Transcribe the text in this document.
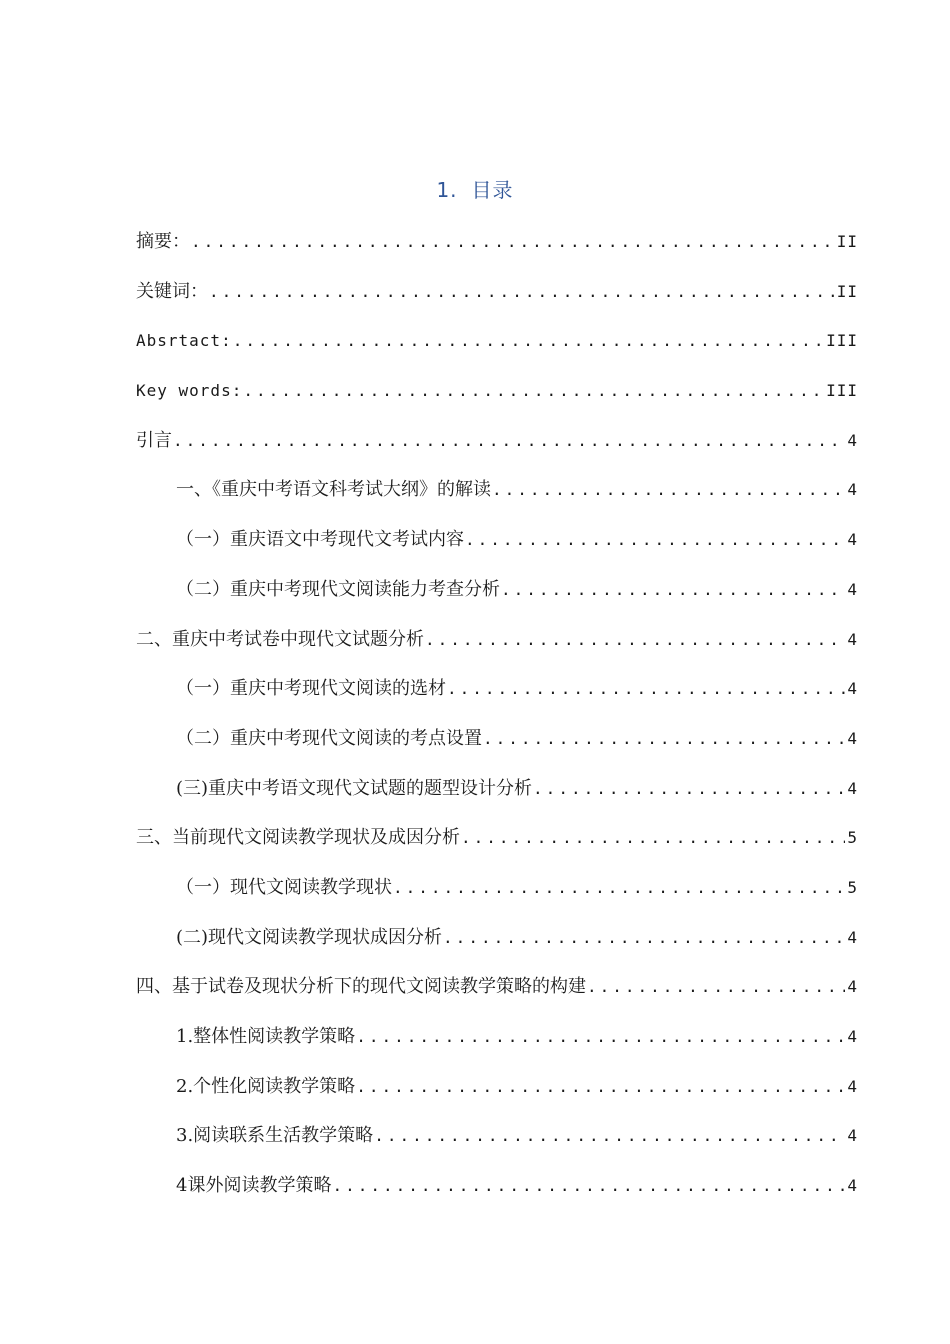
1. 目录
摘要： .....	II
关键词： .....	II
Absrtact: .....	III
Key words: .....	III
引言 .....	4
一、《重庆中考语文科考试大纲》的解读 .....	4
（一）重庆语文中考现代文考试内容 .....	4
（二）重庆中考现代文阅读能力考查分析 .....	4
二、重庆中考试卷中现代文试题分析 .....	4
（一）重庆中考现代文阅读的选材 .....	4
（二）重庆中考现代文阅读的考点设置 .....	4
(三)重庆中考语文现代文试题的题型设计分析 .....	4
三、当前现代文阅读教学现状及成因分析 .....	5
（一）现代文阅读教学现状 .....	5
(二)现代文阅读教学现状成因分析 .....	4
四、基于试卷及现状分析下的现代文阅读教学策略的构建 .....	4
1.整体性阅读教学策略 .....	4
2.个性化阅读教学策略 .....	4
3.阅读联系生活教学策略 .....	4
4课外阅读教学策略 .....	4
